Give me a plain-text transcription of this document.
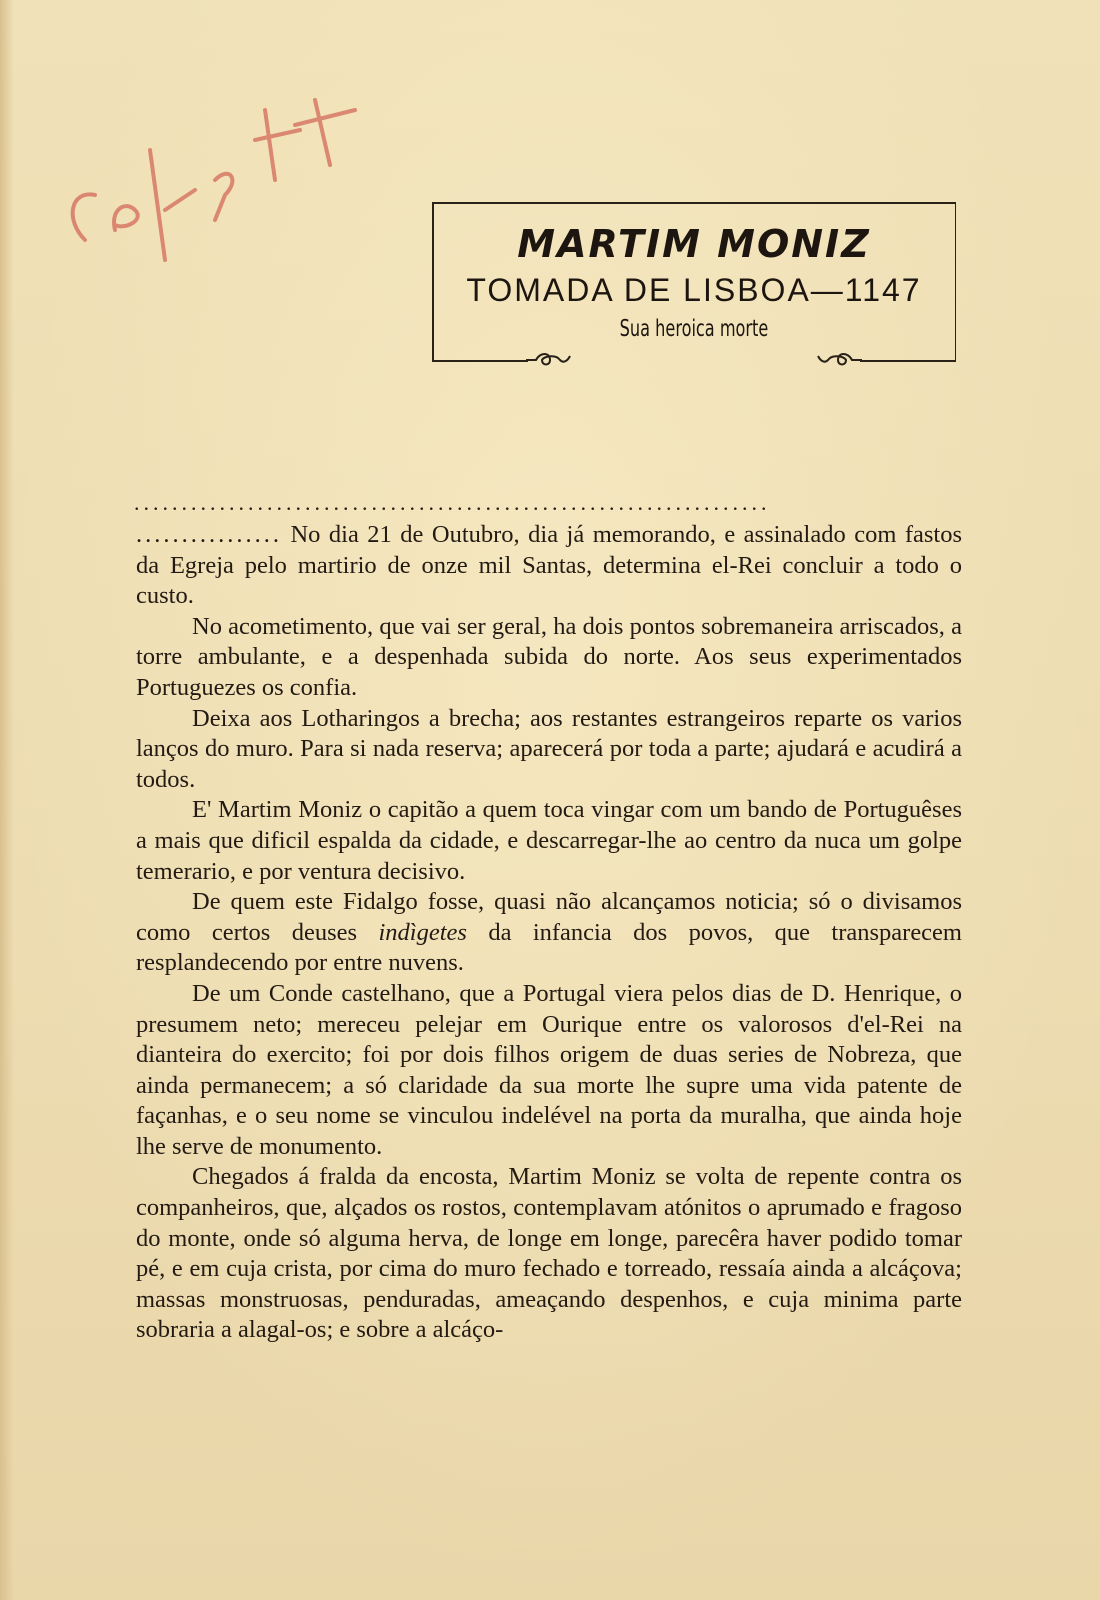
MARTIM MONIZ
TOMADA DE LISBOA—1147
Sua heroica morte
...................................................................

................ No dia 21 de Outubro, dia já memorando, e assinalado com fastos da Egreja pelo martirio de onze mil Santas, determina el-Rei concluir a todo o custo.

No acometimento, que vai ser geral, ha dois pontos sobremaneira arriscados, a torre ambulante, e a despenhada subida do norte. Aos seus experimentados Portuguezes os confia.

Deixa aos Lotharingos a brecha; aos restantes estrangeiros reparte os varios lanços do muro. Para si nada reserva; aparecerá por toda a parte; ajudará e acudirá a todos.

E' Martim Moniz o capitão a quem toca vingar com um bando de Portuguêses a mais que dificil espalda da cidade, e descarregar-lhe ao centro da nuca um golpe temerario, e por ventura decisivo.

De quem este Fidalgo fosse, quasi não alcançamos noticia; só o divisamos como certos deuses indìgetes da infancia dos povos, que transparecem resplandecendo por entre nuvens.

De um Conde castelhano, que a Portugal viera pelos dias de D. Henrique, o presumem neto; mereceu pelejar em Ourique entre os valorosos d'el-Rei na dianteira do exercito; foi por dois filhos origem de duas series de Nobreza, que ainda permanecem; a só claridade da sua morte lhe supre uma vida patente de façanhas, e o seu nome se vinculou indelével na porta da muralha, que ainda hoje lhe serve de monumento.

Chegados á fralda da encosta, Martim Moniz se volta de repente contra os companheiros, que, alçados os rostos, contemplavam atónitos o aprumado e fragoso do monte, onde só alguma herva, de longe em longe, parecêra haver podido tomar pé, e em cuja crista, por cima do muro fechado e torreado, ressaía ainda a alcáçova; massas monstruosas, penduradas, ameaçando despenhos, e cuja minima parte sobraria a alagal-os; e sobre a alcáço-
